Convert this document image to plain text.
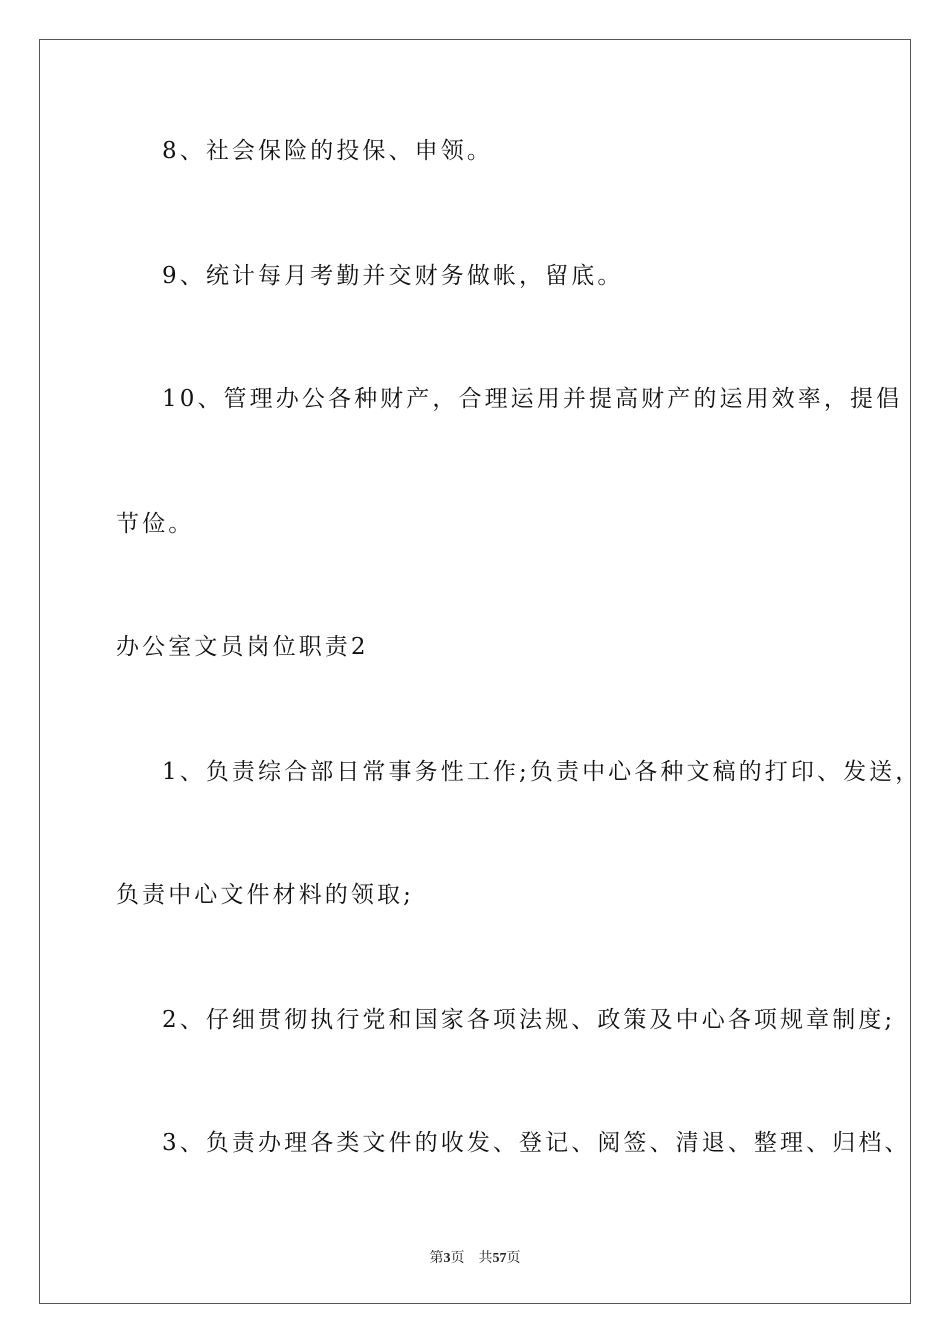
8、社会保险的投保、申领。

9、统计每月考勤并交财务做帐，留底。

10、管理办公各种财产，合理运用并提高财产的运用效率，提倡

节俭。

办公室文员岗位职责2

1、负责综合部日常事务性工作;负责中心各种文稿的打印、发送，

负责中心文件材料的领取;

2、仔细贯彻执行党和国家各项法规、政策及中心各项规章制度;

3、负责办理各类文件的收发、登记、阅签、清退、整理、归档、

第3页 共57页
